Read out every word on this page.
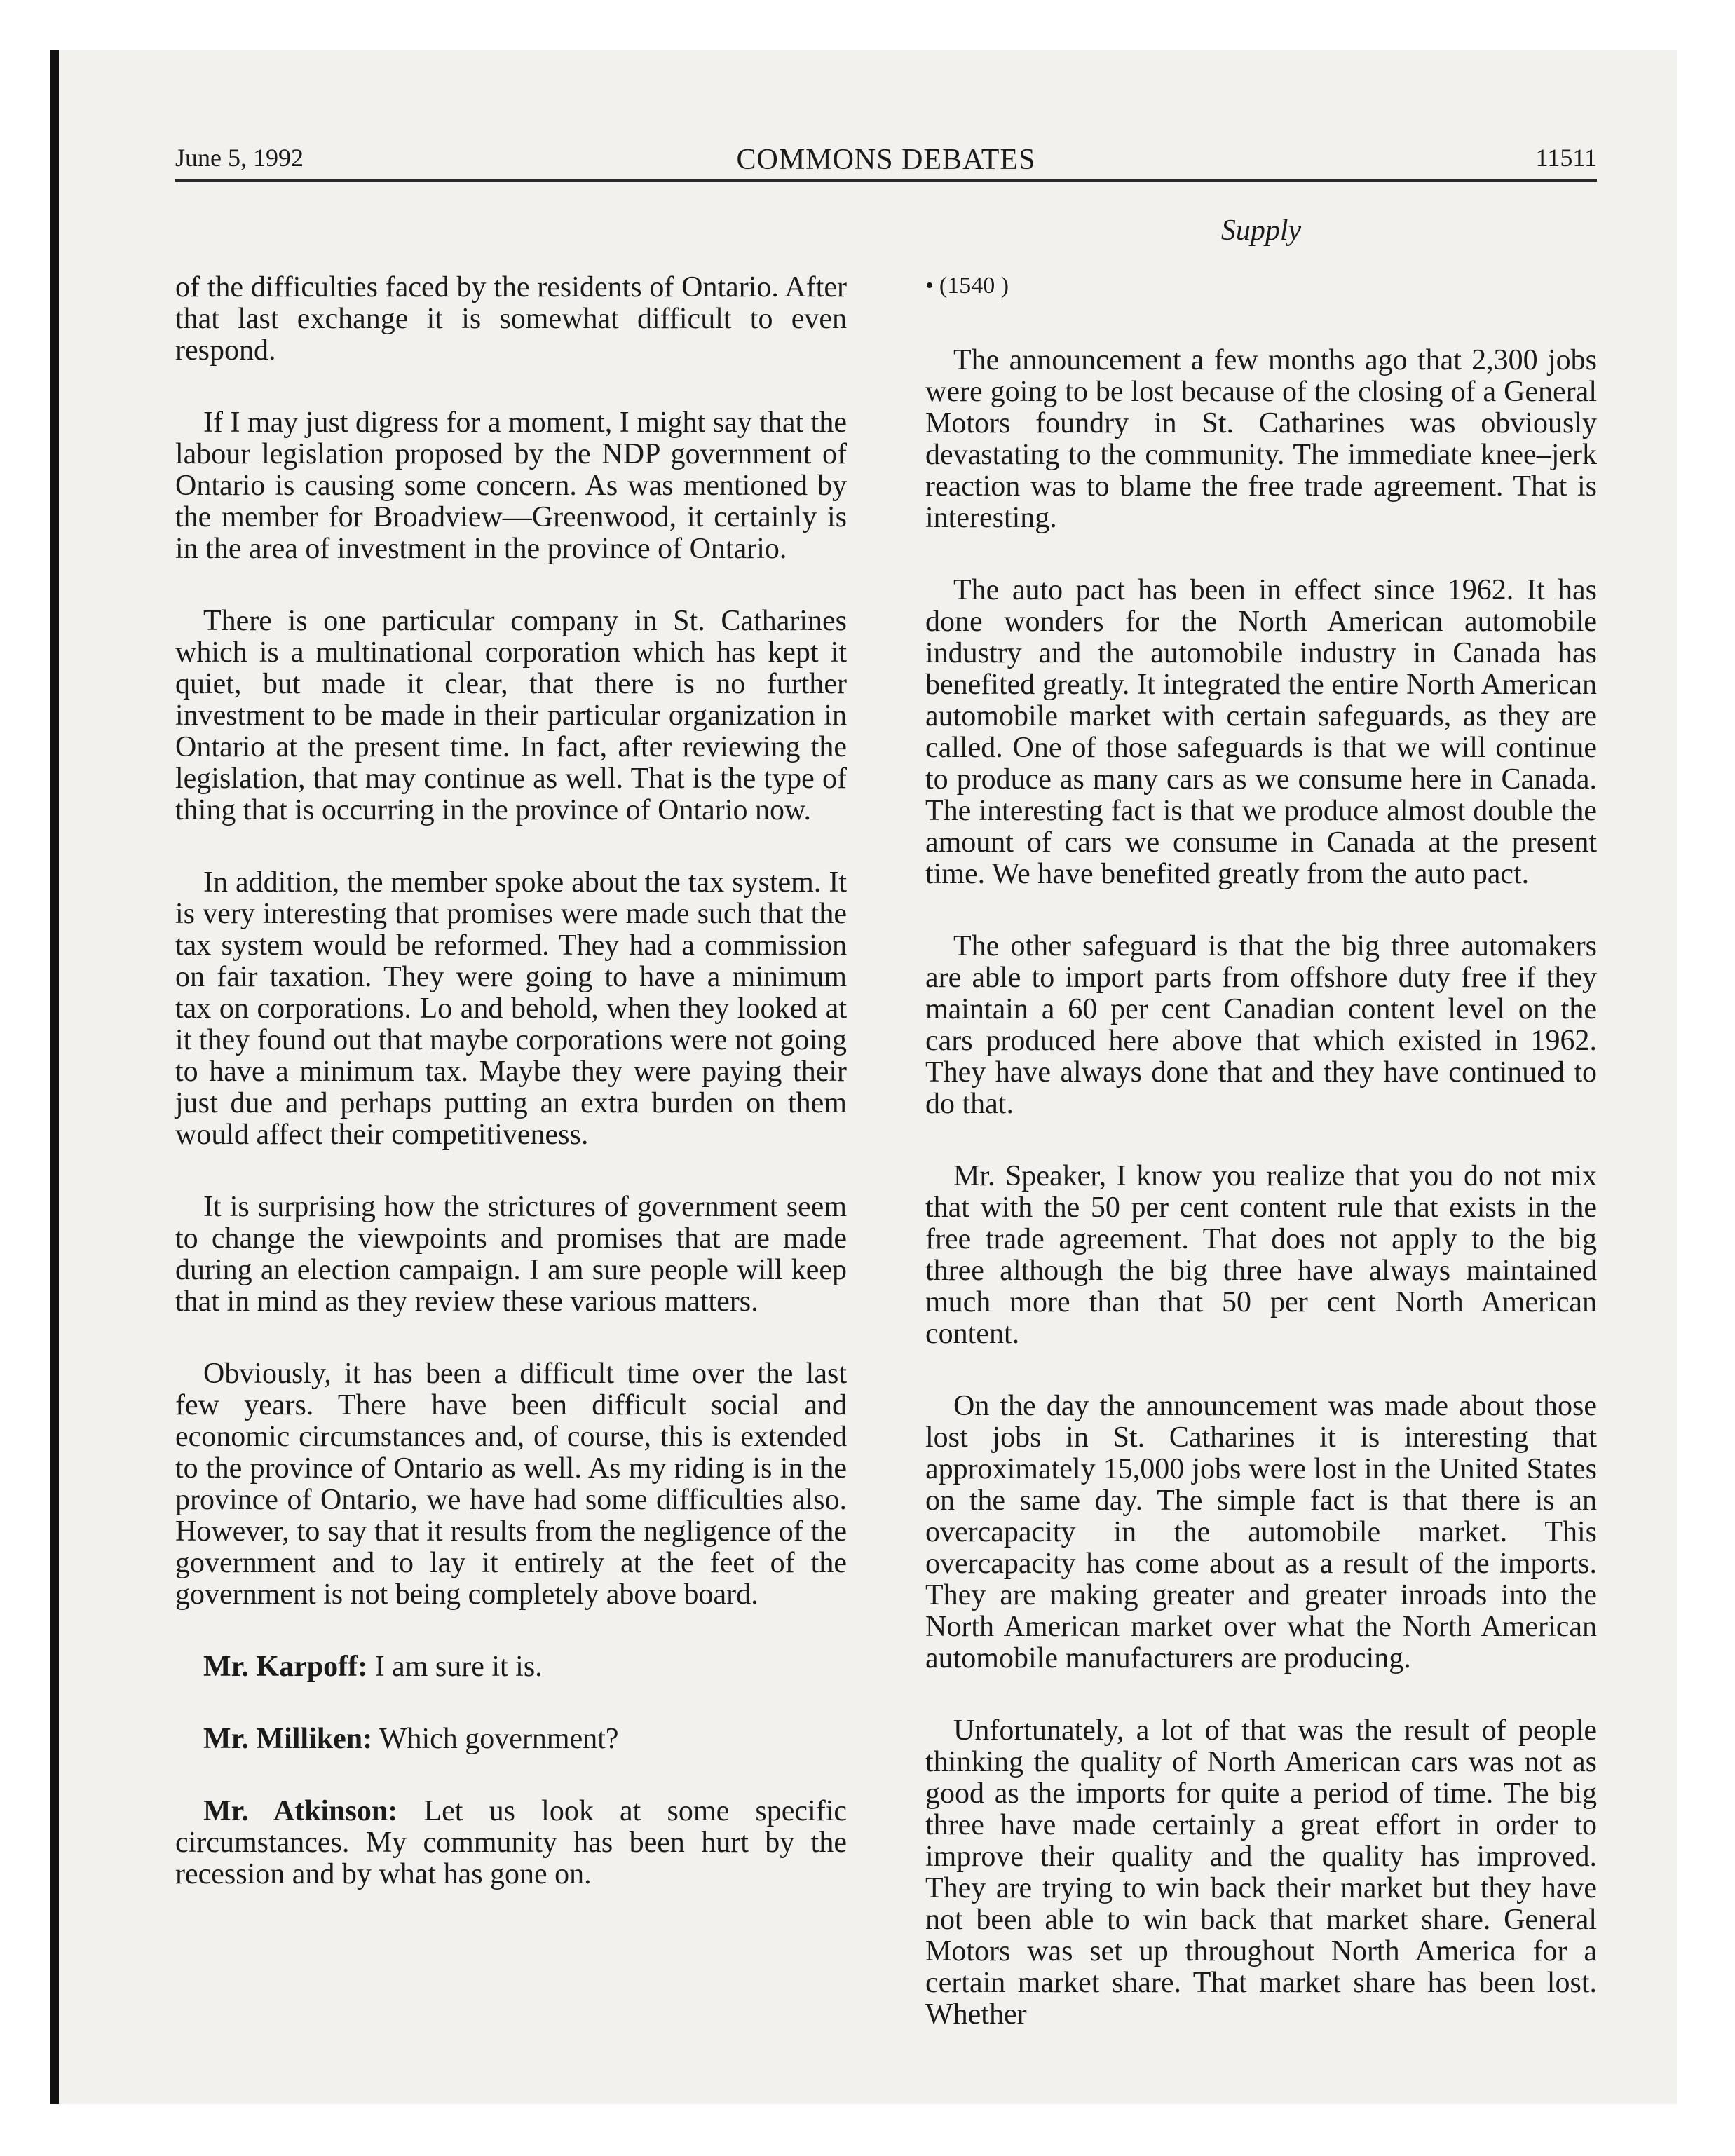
June 5, 1992	COMMONS DEBATES	11511
Supply

of the difficulties faced by the residents of Ontario. After that last exchange it is somewhat difficult to even respond.

If I may just digress for a moment, I might say that the labour legislation proposed by the NDP government of Ontario is causing some concern. As was mentioned by the member for Broadview—Greenwood, it certainly is in the area of investment in the province of Ontario.

There is one particular company in St. Catharines which is a multinational corporation which has kept it quiet, but made it clear, that there is no further investment to be made in their particular organization in Ontario at the present time. In fact, after reviewing the legislation, that may continue as well. That is the type of thing that is occurring in the province of Ontario now.

In addition, the member spoke about the tax system. It is very interesting that promises were made such that the tax system would be reformed. They had a commission on fair taxation. They were going to have a minimum tax on corporations. Lo and behold, when they looked at it they found out that maybe corporations were not going to have a minimum tax. Maybe they were paying their just due and perhaps putting an extra burden on them would affect their competitiveness.

It is surprising how the strictures of government seem to change the viewpoints and promises that are made during an election campaign. I am sure people will keep that in mind as they review these various matters.

Obviously, it has been a difficult time over the last few years. There have been difficult social and economic circumstances and, of course, this is extended to the province of Ontario as well. As my riding is in the province of Ontario, we have had some difficulties also. However, to say that it results from the negligence of the government and to lay it entirely at the feet of the government is not being completely above board.

Mr. Karpoff: I am sure it is.

Mr. Milliken: Which government?

Mr. Atkinson: Let us look at some specific circumstances. My community has been hurt by the recession and by what has gone on.

• (1540 )

The announcement a few months ago that 2,300 jobs were going to be lost because of the closing of a General Motors foundry in St. Catharines was obviously devastating to the community. The immediate knee–jerk reaction was to blame the free trade agreement. That is interesting.

The auto pact has been in effect since 1962. It has done wonders for the North American automobile industry and the automobile industry in Canada has benefited greatly. It integrated the entire North American automobile market with certain safeguards, as they are called. One of those safeguards is that we will continue to produce as many cars as we consume here in Canada. The interesting fact is that we produce almost double the amount of cars we consume in Canada at the present time. We have benefited greatly from the auto pact.

The other safeguard is that the big three automakers are able to import parts from offshore duty free if they maintain a 60 per cent Canadian content level on the cars produced here above that which existed in 1962. They have always done that and they have continued to do that.

Mr. Speaker, I know you realize that you do not mix that with the 50 per cent content rule that exists in the free trade agreement. That does not apply to the big three although the big three have always maintained much more than that 50 per cent North American content.

On the day the announcement was made about those lost jobs in St. Catharines it is interesting that approximately 15,000 jobs were lost in the United States on the same day. The simple fact is that there is an overcapacity in the automobile market. This overcapacity has come about as a result of the imports. They are making greater and greater inroads into the North American market over what the North American automobile manufacturers are producing.

Unfortunately, a lot of that was the result of people thinking the quality of North American cars was not as good as the imports for quite a period of time. The big three have made certainly a great effort in order to improve their quality and the quality has improved. They are trying to win back their market but they have not been able to win back that market share. General Motors was set up throughout North America for a certain market share. That market share has been lost. Whether
